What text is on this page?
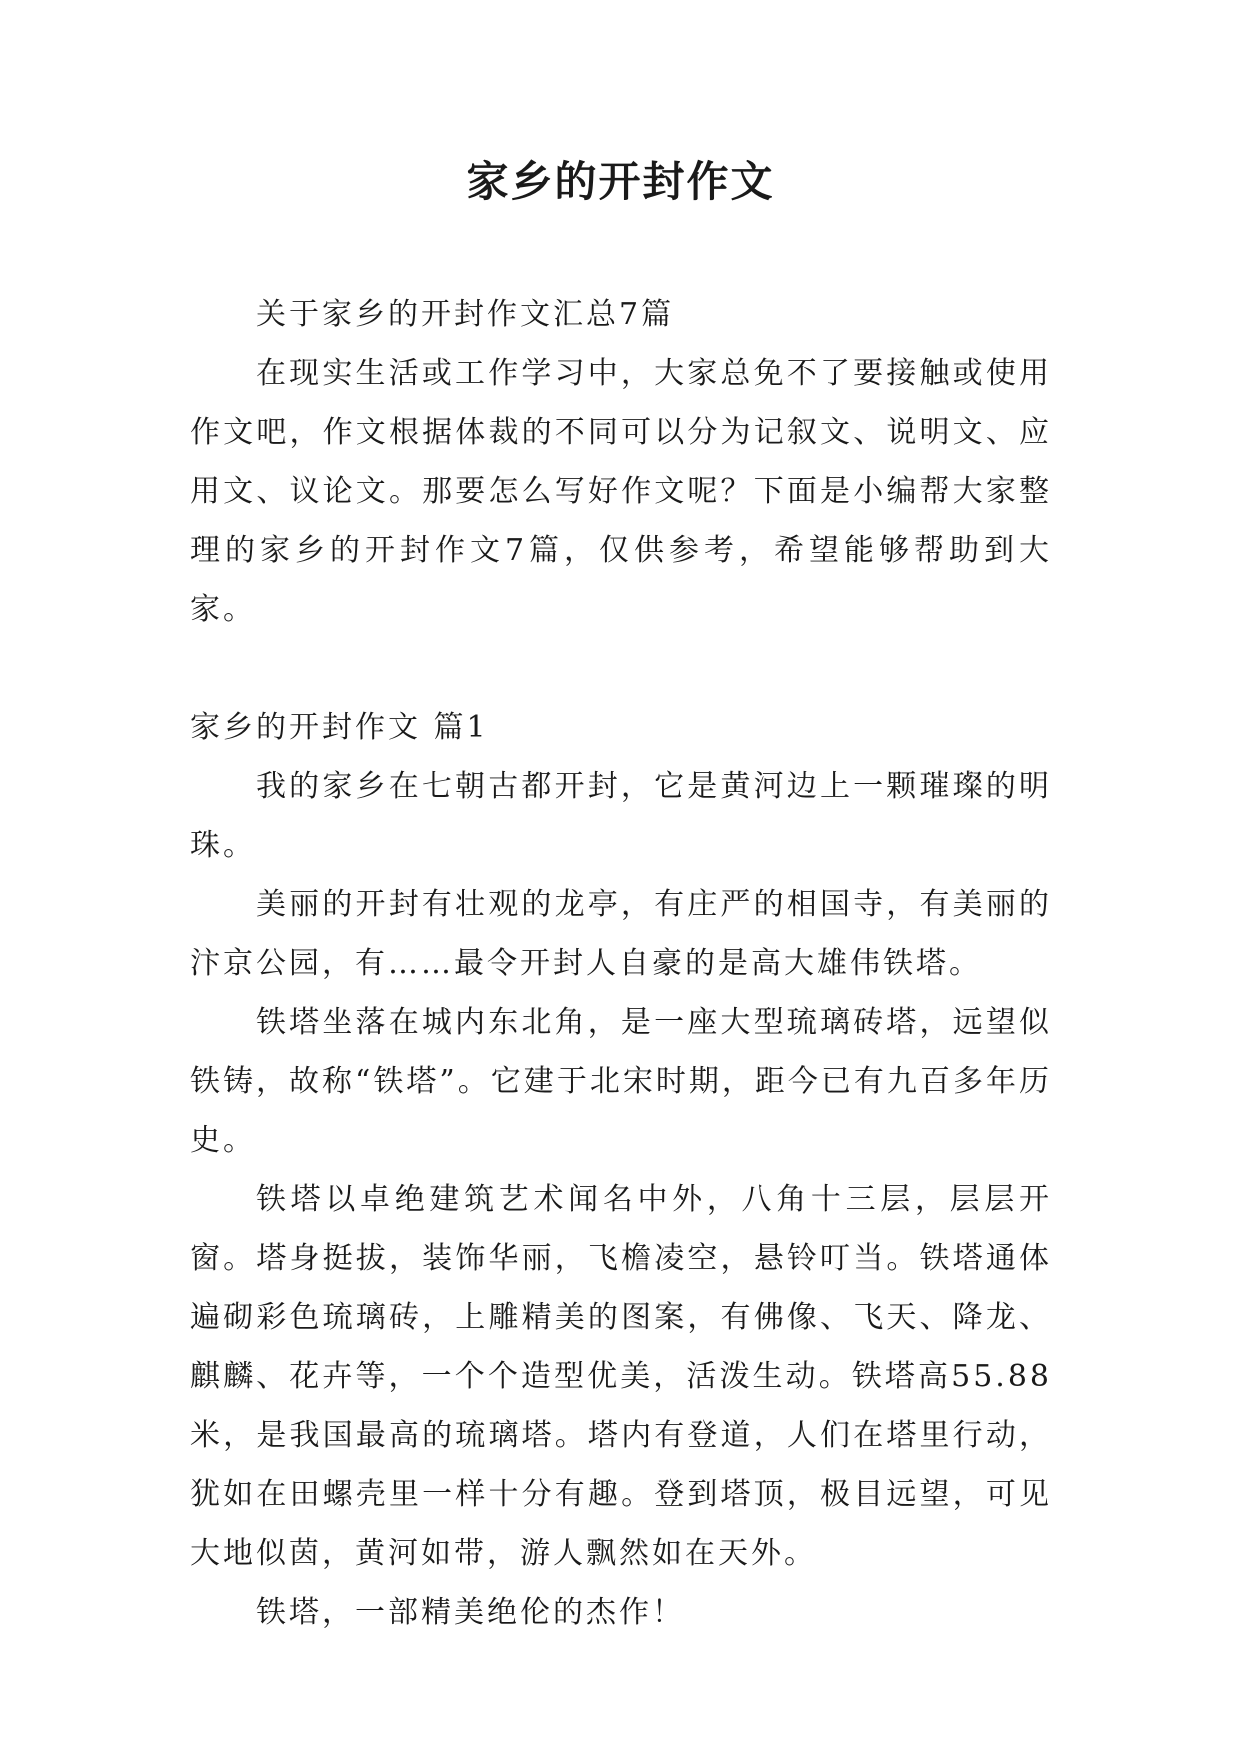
家乡的开封作文

关于家乡的开封作文汇总7篇

在现实生活或工作学习中，大家总免不了要接触或使用作文吧，作文根据体裁的不同可以分为记叙文、说明文、应用文、议论文。那要怎么写好作文呢？下面是小编帮大家整理的家乡的开封作文7篇，仅供参考，希望能够帮助到大家。

家乡的开封作文 篇1

我的家乡在七朝古都开封，它是黄河边上一颗璀璨的明珠。

美丽的开封有壮观的龙亭，有庄严的相国寺，有美丽的汴京公园，有……最令开封人自豪的是高大雄伟铁塔。

铁塔坐落在城内东北角，是一座大型琉璃砖塔，远望似铁铸，故称“铁塔”。它建于北宋时期，距今已有九百多年历史。

铁塔以卓绝建筑艺术闻名中外，八角十三层，层层开窗。塔身挺拔，装饰华丽，飞檐凌空，悬铃叮当。铁塔通体遍砌彩色琉璃砖，上雕精美的图案，有佛像、飞天、降龙、麒麟、花卉等，一个个造型优美，活泼生动。铁塔高55.88米，是我国最高的琉璃塔。塔内有登道，人们在塔里行动，犹如在田螺壳里一样十分有趣。登到塔顶，极目远望，可见大地似茵，黄河如带，游人飘然如在天外。

铁塔，一部精美绝伦的杰作！
